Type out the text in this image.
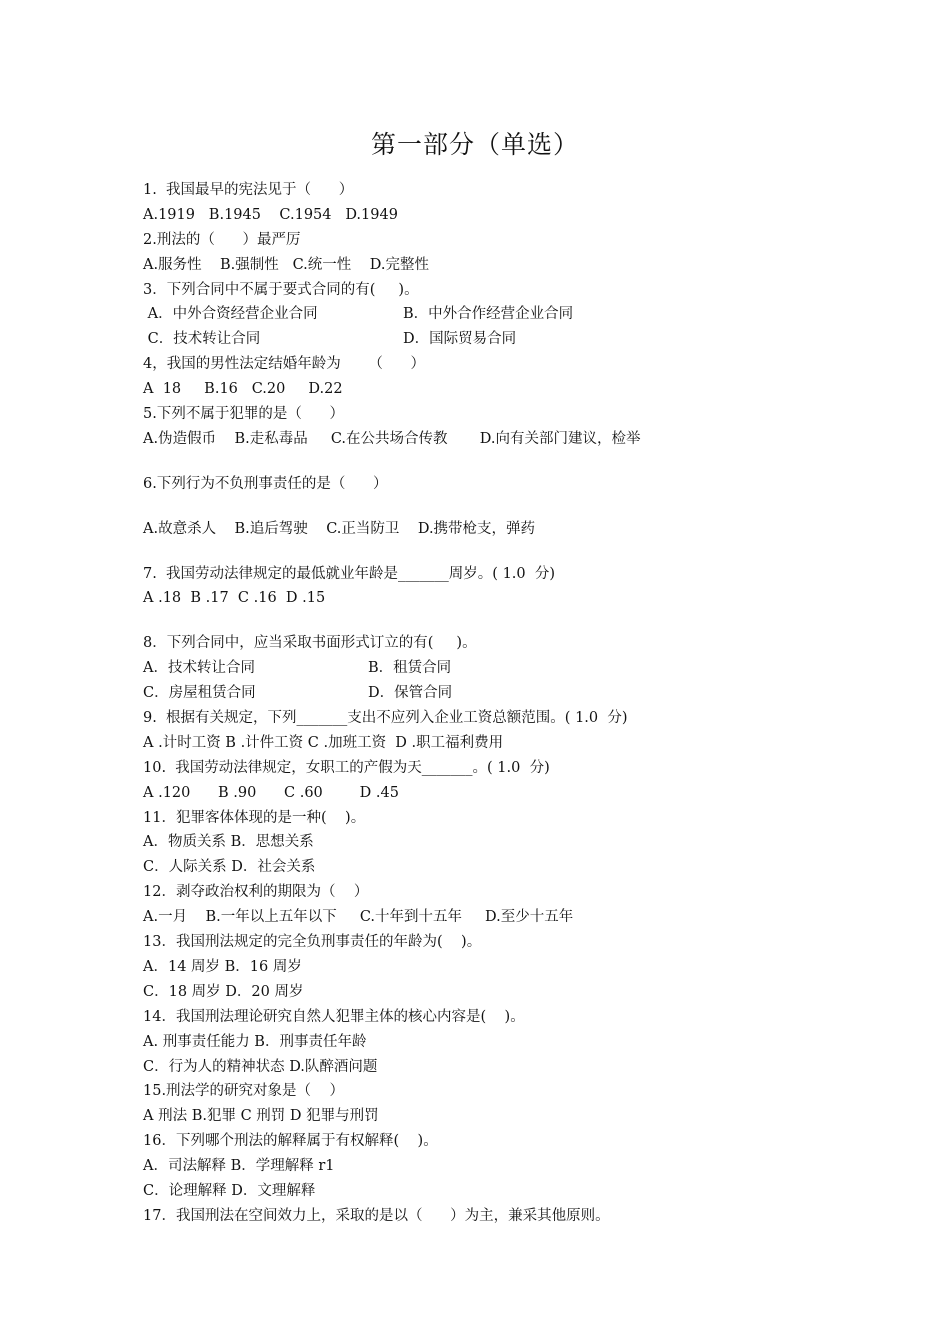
第一部分（单选）
1.  我国最早的宪法见于（      ）
A.1919   B.1945    C.1954   D.1949
2.刑法的（      ）最严厉
A.服务性    B.强制性   C.统一性    D.完整性
3．下列合同中不属于要式合同的有(     )。
A．中外合资经营企业合同	B．中外合作经营企业合同
C．技术转让合同	D．国际贸易合同
4，我国的男性法定结婚年龄为      （      ）
A  18     B.16   C.20     D.22
5.下列不属于犯罪的是（      ）
A.伪造假币    B.走私毒品     C.在公共场合传教       D.向有关部门建议，检举
6.下列行为不负刑事责任的是（      ）
A.故意杀人    B.追后驾驶    C.正当防卫    D.携带枪支，弹药
7.  我国劳动法律规定的最低就业年龄是_______周岁。( 1.0  分)
A .18  B .17  C .16  D .15
8．下列合同中，应当采取书面形式订立的有(     )。
A．技术转让合同	B．租赁合同
C．房屋租赁合同	D．保管合同
9.  根据有关规定，下列_______支出不应列入企业工资总额范围。( 1.0  分)
A .计时工资 B .计件工资 C .加班工资  D .职工福利费用
10.  我国劳动法律规定，女职工的产假为天_______。( 1.0  分)
A .120      B .90      C .60        D .45
11．犯罪客体体现的是一种(    )。
A．物质关系 B．思想关系
C．人际关系 D．社会关系
12．剥夺政治权利的期限为（    ）
A.一月    B.一年以上五年以下     C.十年到十五年     D.至少十五年
13．我国刑法规定的完全负刑事责任的年龄为(    )。
A．14 周岁 B．16 周岁
C．18 周岁 D．20 周岁
14．我国刑法理论研究自然人犯罪主体的核心内容是(    )。
A. 刑事责任能力 B．刑事责任年龄
C．行为人的精神状态 D.队醉酒问题
15.刑法学的研究对象是（    ）
A 刑法 B.犯罪 C 刑罚 D 犯罪与刑罚
16．下列哪个刑法的解释属于有权解释(    )。
A．司法解释 B．学理解释 r1
C．论理解释 D．文理解释
17．我国刑法在空间效力上，采取的是以（      ）为主，兼采其他原则。
